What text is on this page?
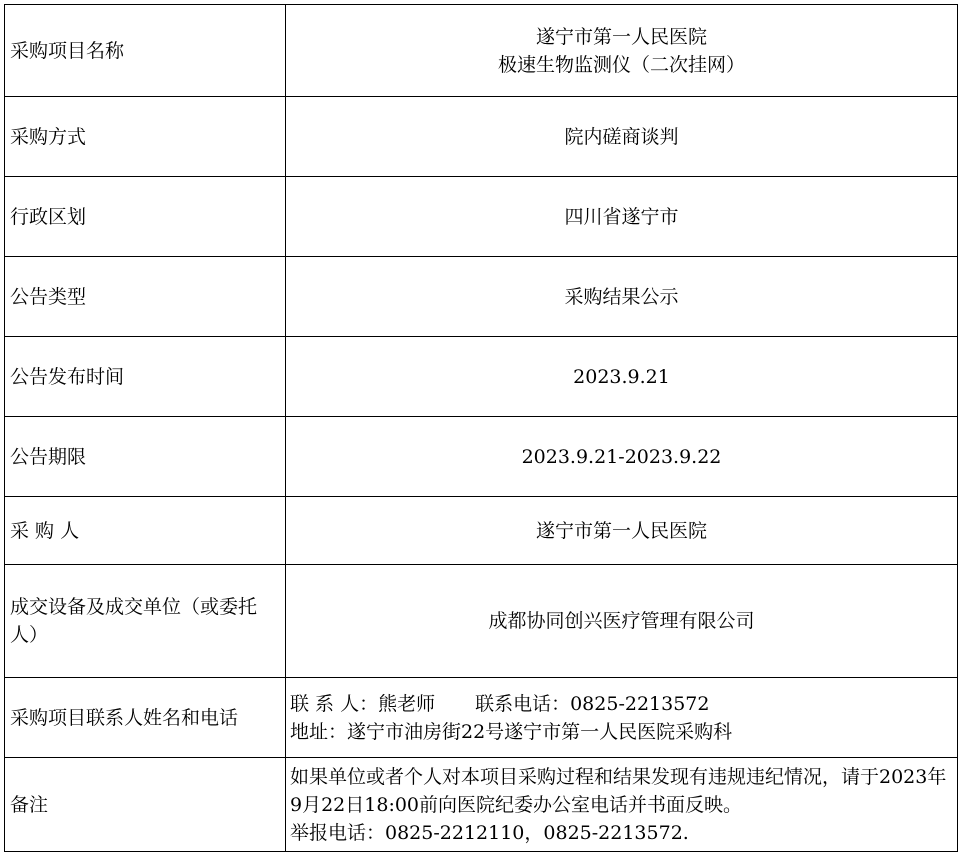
采购项目名称	遂宁市第一人民医院
极速生物监测仪（二次挂网）

采购方式	院内磋商谈判
行政区划	四川省遂宁市
公告类型	采购结果公示
公告发布时间	2023.9.21
公告期限	2023.9.21-2023.9.22
采 购 人	遂宁市第一人民医院

成交设备及成交单位（或委托人）	成都协同创兴医疗管理有限公司
采购项目联系人姓名和电话	联 系 人：熊老师 联系电话：0825-2213572
地址：遂宁市油房街22号遂宁市第一人民医院采购科

备注	如果单位或者个人对本项目采购过程和结果发现有违规违纪情况，请于2023年9月22日18:00前向医院纪委办公室电话并书面反映。
举报电话：0825-2212110，0825-2213572.
